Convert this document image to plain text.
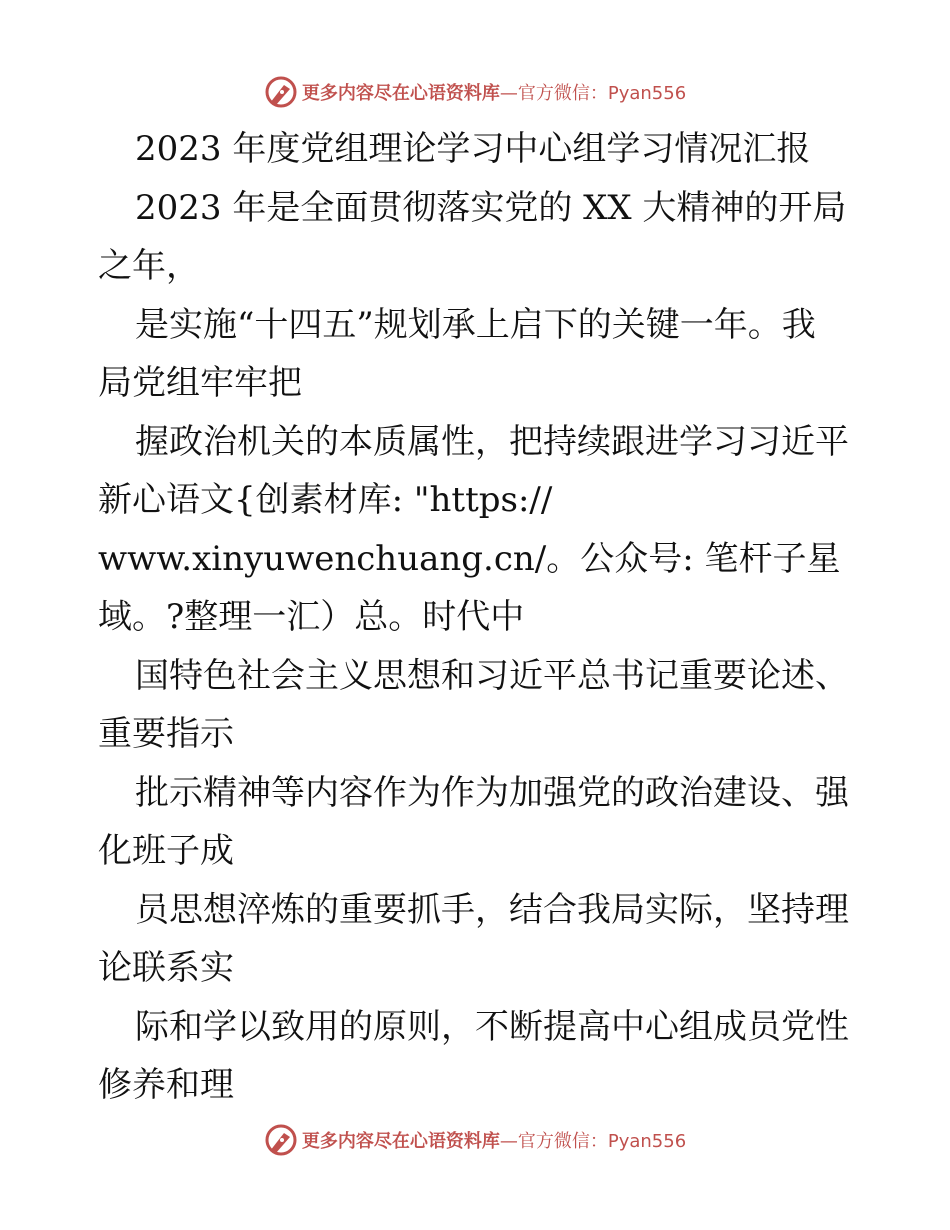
更多内容尽在心语资料库 —官方微信：Pyan556
2023 年度党组理论学习中心组学习情况汇报
2023 年是全面贯彻落实党的 XX 大精神的开局
之年，
是实施“十四五”规划承上启下的关键一年。我
局党组牢牢把
握政治机关的本质属性，把持续跟进学习习近平
新心语文{创素材库: "https://
www.xinyuwenchuang.cn/。公众号: 笔杆子星
域。?整理一汇）总。时代中
国特色社会主义思想和习近平总书记重要论述、
重要指示
批示精神等内容作为作为加强党的政治建设、强
化班子成
员思想淬炼的重要抓手，结合我局实际，坚持理
论联系实
际和学以致用的原则，不断提高中心组成员党性
修养和理
更多内容尽在心语资料库 —官方微信：Pyan556
